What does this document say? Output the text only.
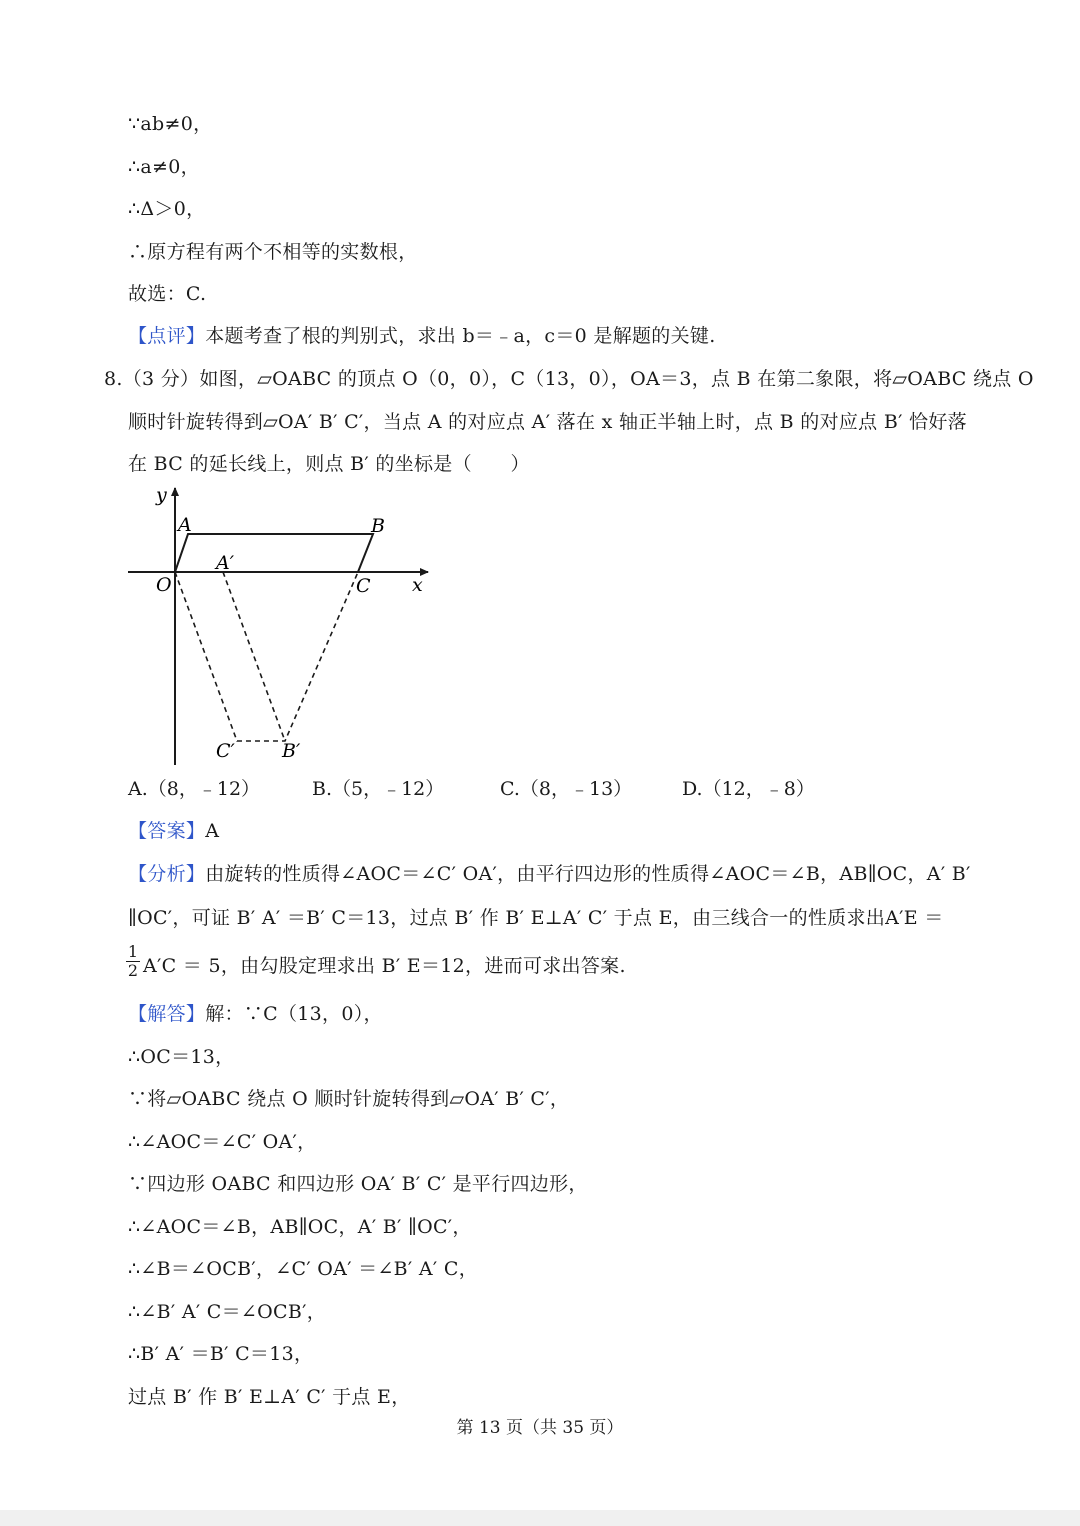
∵ab≠0，
∴a≠0，
∴Δ＞0，
∴原方程有两个不相等的实数根，
故选：C.
【点评】本题考查了根的判别式，求出 b＝﹣a，c＝0 是解题的关键.
8.（3 分）如图，▱OABC 的顶点 O（0，0），C（13，0），OA＝3，点 B 在第二象限，将▱OABC 绕点 O
顺时针旋转得到▱OA′ B′ C′，当点 A 的对应点 A′ 落在 x 轴正半轴上时，点 B 的对应点 B′ 恰好落
在 BC 的延长线上，则点 B′ 的坐标是（　　）
y
x
A	B
O	C
A′
C′ B′
A.（8，﹣12）	B.（5，﹣12）	C.（8，﹣13）	D.（12，﹣8）
【答案】A
【分析】由旋转的性质得∠AOC＝∠C′ OA′，由平行四边形的性质得∠AOC＝∠B，AB∥OC，A′ B′
∥OC′，可证 B′ A′ ＝B′ C＝13，过点 B′ 作 B′ E⊥A′ C′ 于点 E，由三线合一的性质求出A′E ＝
1
2 A′C ＝ 5，由勾股定理求出 B′ E＝12，进而可求出答案.
【解答】解：∵C（13，0），
∴OC＝13，
∵将▱OABC 绕点 O 顺时针旋转得到▱OA′ B′ C′，
∴∠AOC＝∠C′ OA′，
∵四边形 OABC 和四边形 OA′ B′ C′ 是平行四边形，
∴∠AOC＝∠B，AB∥OC，A′ B′ ∥OC′，
∴∠B＝∠OCB′，∠C′ OA′ ＝∠B′ A′ C，
∴∠B′ A′ C＝∠OCB′，
∴B′ A′ ＝B′ C＝13，
过点 B′ 作 B′ E⊥A′ C′ 于点 E，
第 13 页（共 35 页）
